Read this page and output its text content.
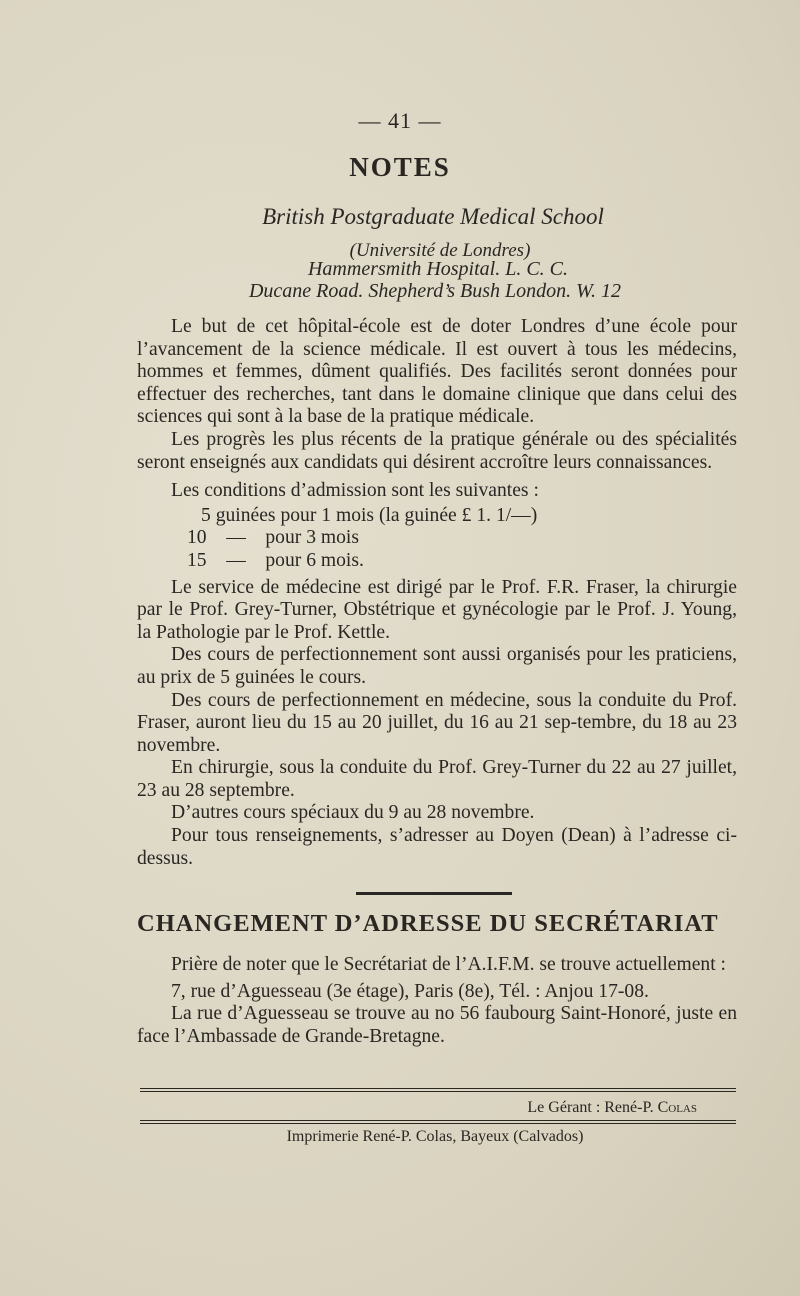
— 41 —
NOTES
British Postgraduate Medical School
(Université de Londres)
Hammersmith Hospital. L. C. C.
Ducane Road. Shepherd’s Bush London. W. 12

Le but de cet hôpital-école est de doter Londres d’une école pour l’avancement de la science médicale. Il est ouvert à tous les médecins, hommes et femmes, dûment qualifiés. Des facilités seront données pour effectuer des recherches, tant dans le domaine clinique que dans celui des sciences qui sont à la base de la pratique médicale.

Les progrès les plus récents de la pratique générale ou des spécialités seront enseignés aux candidats qui désirent accroître leurs connaissances.

Les conditions d’admission sont les suivantes :

5 guinées pour 1 mois (la guinée £ 1. 1/—)
10    —    pour 3 mois
15    —    pour 6 mois.

Le service de médecine est dirigé par le Prof. F.R. Fraser, la chirurgie par le Prof. Grey-Turner, Obstétrique et gynécologie par le Prof. J. Young, la Pathologie par le Prof. Kettle.

Des cours de perfectionnement sont aussi organisés pour les praticiens, au prix de 5 guinées le cours.

Des cours de perfectionnement en médecine, sous la conduite du Prof. Fraser, auront lieu du 15 au 20 juillet, du 16 au 21 sep-tembre, du 18 au 23 novembre.

En chirurgie, sous la conduite du Prof. Grey-Turner du 22 au 27 juillet, 23 au 28 septembre.

D’autres cours spéciaux du 9 au 28 novembre.

Pour tous renseignements, s’adresser au Doyen (Dean) à l’adresse ci-dessus.

CHANGEMENT D’ADRESSE DU SECRÉTARIAT

Prière de noter que le Secrétariat de l’A.I.F.M. se trouve actuellement :

7, rue d’Aguesseau (3e étage), Paris (8e), Tél. : Anjou 17-08.

La rue d’Aguesseau se trouve au no 56 faubourg Saint-Honoré, juste en face l’Ambassade de Grande-Bretagne.

Le Gérant : René-P. Colas
Imprimerie René-P. Colas, Bayeux (Calvados)
